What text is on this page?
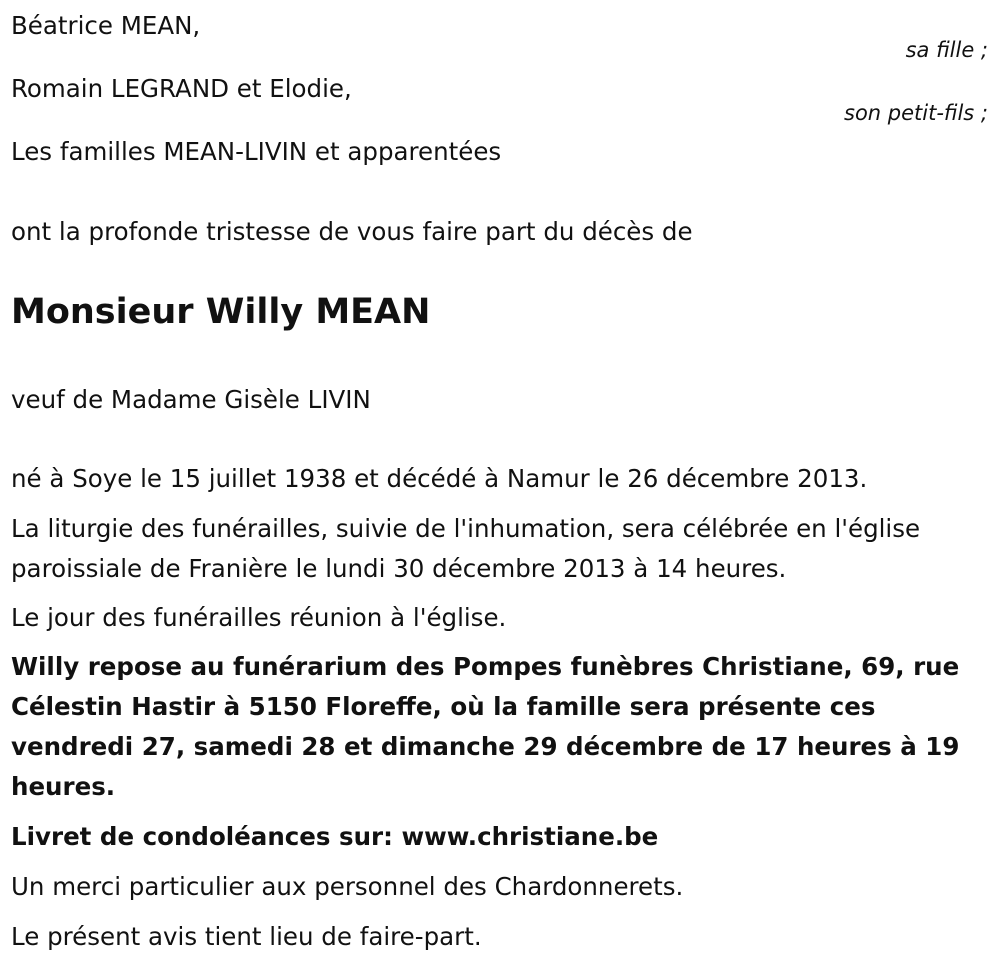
Béatrice MEAN,

sa fille ;

Romain LEGRAND et Elodie,

son petit-fils ;

Les familles MEAN-LIVIN et apparentées

ont la profonde tristesse de vous faire part du décès de

Monsieur Willy MEAN

veuf de Madame Gisèle LIVIN

né à Soye le 15 juillet 1938 et décédé à Namur le 26 décembre 2013.

La liturgie des funérailles, suivie de l'inhumation, sera célébrée en l'église paroissiale de Franière le lundi 30 décembre 2013 à 14 heures.

Le jour des funérailles réunion à l'église.

Willy repose au funérarium des Pompes funèbres Christiane, 69, rue Célestin Hastir à 5150 Floreffe, où la famille sera présente ces vendredi 27, samedi 28 et dimanche 29 décembre de 17 heures à 19 heures.

Livret de condoléances sur: www.christiane.be

Un merci particulier aux personnel des Chardonnerets.

Le présent avis tient lieu de faire-part.
